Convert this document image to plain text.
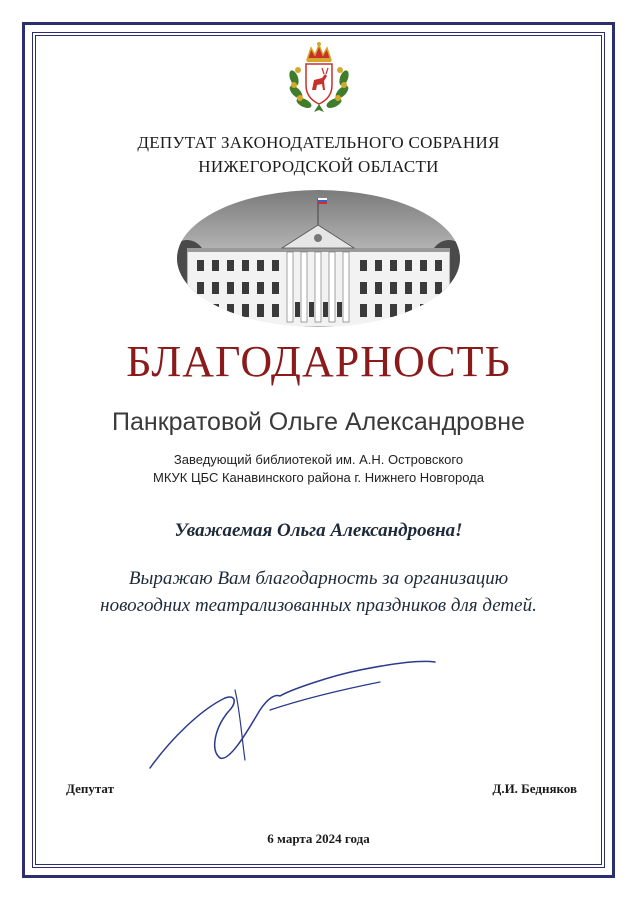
ДЕПУТАТ ЗАКОНОДАТЕЛЬНОГО СОБРАНИЯ
НИЖЕГОРОДСКОЙ ОБЛАСТИ
БЛАГОДАРНОСТЬ
Панкратовой Ольге Александровне
Заведующий библиотекой им. А.Н. Островского
МКУК ЦБС Канавинского района г. Нижнего Новгорода
Уважаемая Ольга Александровна!
Выражаю Вам благодарность за организацию
новогодних театрализованных праздников для детей.
Депутат	Д.И. Бедняков
6 марта 2024 года
